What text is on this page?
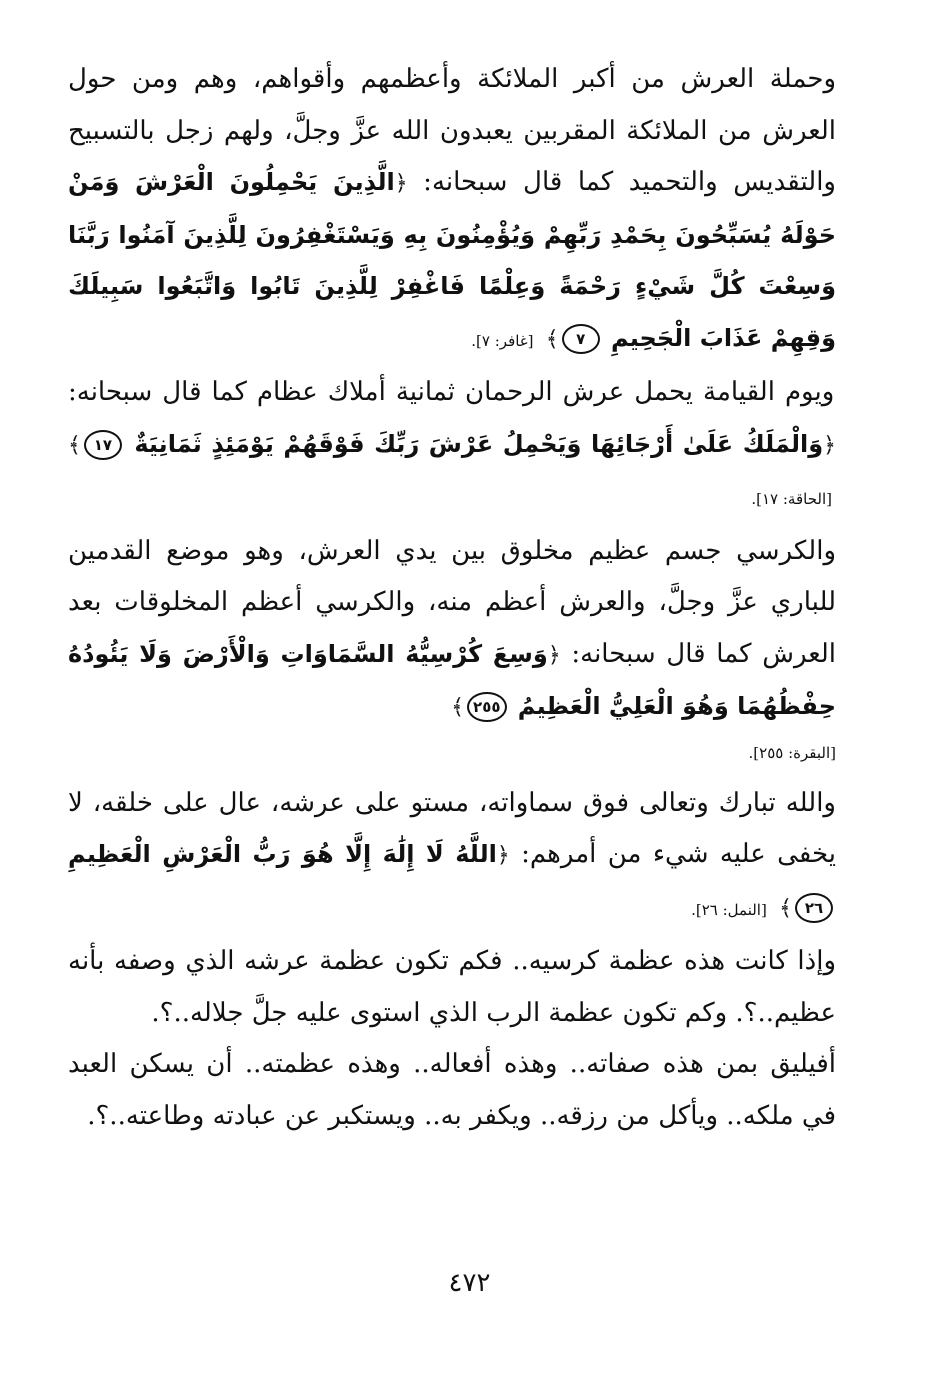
وحملة العرش من أكبر الملائكة وأعظمهم وأقواهم، وهم ومن حول العرش من الملائكة المقربين يعبدون الله عزَّ وجلَّ، ولهم زجل بالتسبيح والتقديس والتحميد كما قال سبحانه: ﴿الَّذِينَ يَحْمِلُونَ الْعَرْشَ وَمَنْ حَوْلَهُ يُسَبِّحُونَ بِحَمْدِ رَبِّهِمْ وَيُؤْمِنُونَ بِهِ وَيَسْتَغْفِرُونَ لِلَّذِينَ آمَنُوا رَبَّنَا وَسِعْتَ كُلَّ شَيْءٍ رَحْمَةً وَعِلْمًا فَاغْفِرْ لِلَّذِينَ تَابُوا وَاتَّبَعُوا سَبِيلَكَ وَقِهِمْ عَذَابَ الْجَحِيمِ ٧﴾ [غافر: ٧].

ويوم القيامة يحمل عرش الرحمان ثمانية أملاك عظام كما قال سبحانه: ﴿وَالْمَلَكُ عَلَىٰ أَرْجَائِهَا وَيَحْمِلُ عَرْشَ رَبِّكَ فَوْقَهُمْ يَوْمَئِذٍ ثَمَانِيَةٌ ١٧﴾ [الحاقة: ١٧].

والكرسي جسم عظيم مخلوق بين يدي العرش، وهو موضع القدمين للباري عزَّ وجلَّ، والعرش أعظم منه، والكرسي أعظم المخلوقات بعد العرش كما قال سبحانه: ﴿وَسِعَ كُرْسِيُّهُ السَّمَاوَاتِ وَالْأَرْضَ وَلَا يَئُودُهُ حِفْظُهُمَا وَهُوَ الْعَلِيُّ الْعَظِيمُ ٢٥٥﴾

[البقرة: ٢٥٥].

والله تبارك وتعالى فوق سماواته، مستو على عرشه، عال على خلقه، لا يخفى عليه شيء من أمرهم: ﴿اللَّهُ لَا إِلَٰهَ إِلَّا هُوَ رَبُّ الْعَرْشِ الْعَظِيمِ ٢٦﴾ [النمل: ٢٦].

وإذا كانت هذه عظمة كرسيه.. فكم تكون عظمة عرشه الذي وصفه بأنه عظيم..؟. وكم تكون عظمة الرب الذي استوى عليه جلَّ جلاله..؟.

أفيليق بمن هذه صفاته.. وهذه أفعاله.. وهذه عظمته.. أن يسكن العبد في ملكه.. ويأكل من رزقه.. ويكفر به.. ويستكبر عن عبادته وطاعته..؟.

٤٧٢
